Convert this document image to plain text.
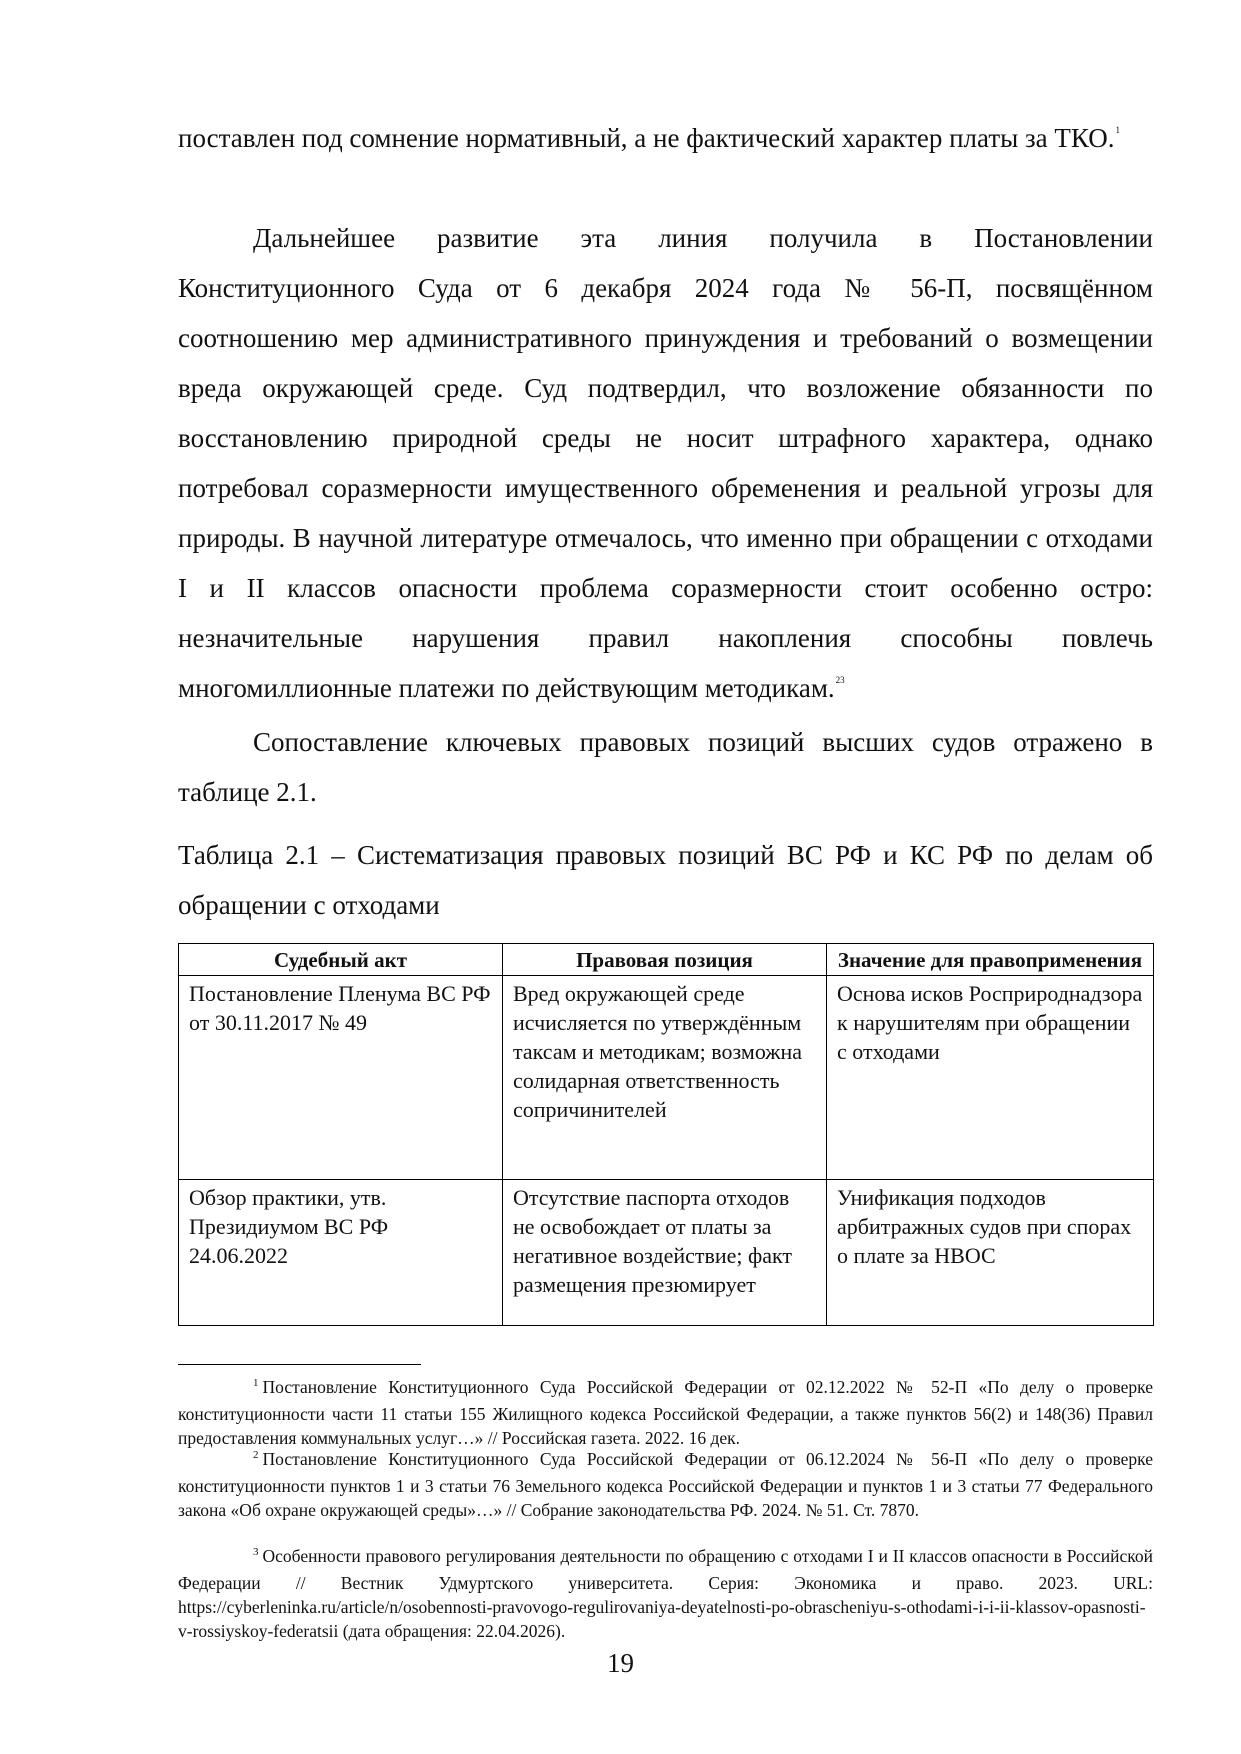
поставлен под сомнение нормативный, а не фактический характер платы за ТКО.$^1$

Дальнейшее развитие эта линия получила в Постановлении Конституционного Суда от 6 декабря 2024 года № 56-П, посвящённом соотношению мер административного принуждения и требований о возмещении вреда окружающей среде. Суд подтвердил, что возложение обязанности по восстановлению природной среды не носит штрафного характера, однако потребовал соразмерности имущественного обременения и реальной угрозы для природы. В научной литературе отмечалось, что именно при обращении с отходами I и II классов опасности проблема соразмерности стоит особенно остро: незначительные нарушения правил накопления способны повлечь многомиллионные платежи по действующим методикам.$^{23}$

Сопоставление ключевых правовых позиций высших судов отражено в таблице 2.1.

Таблица 2.1 – Систематизация правовых позиций ВС РФ и КС РФ по делам об обращении с отходами

Судебный акт	Правовая позиция	Значение для правоприменения
Постановление Пленума ВС РФ от 30.11.2017 № 49	Вред окружающей среде исчисляется по утверждённым таксам и методикам; возможна солидарная ответственность сопричинителей	Основа исков Росприроднадзора к нарушителям при обращении с отходами
Обзор практики, утв. Президиумом ВС РФ 24.06.2022	Отсутствие паспорта отходов не освобождает от платы за негативное воздействие; факт размещения презюмирует	Унификация подходов арбитражных судов при спорах о плате за НВОС

$^1$ Постановление Конституционного Суда Российской Федерации от 02.12.2022 № 52-П «По делу о проверке конституционности части 11 статьи 155 Жилищного кодекса Российской Федерации, а также пунктов 56(2) и 148(36) Правил предоставления коммунальных услуг…» // Российская газета. 2022. 16 дек.

$^2$ Постановление Конституционного Суда Российской Федерации от 06.12.2024 № 56-П «По делу о проверке конституционности пунктов 1 и 3 статьи 76 Земельного кодекса Российской Федерации и пунктов 1 и 3 статьи 77 Федерального закона «Об охране окружающей среды»…» // Собрание законодательства РФ. 2024. № 51. Ст. 7870.

$^3$ Особенности правового регулирования деятельности по обращению с отходами I и II классов опасности в Российской Федерации // Вестник Удмуртского университета. Серия: Экономика и право. 2023. URL: https://cyberleninka.ru/article/n/osobennosti-pravovogo-regulirovaniya-deyatelnosti-po-obrascheniyu-s-othodami-i-i-ii-klassov-opasnosti-v-rossiyskoy-federatsii (дата обращения: 22.04.2026).

19
